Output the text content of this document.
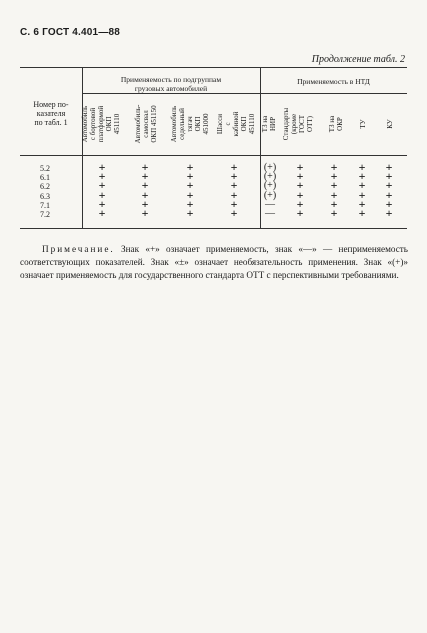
С. 6 ГОСТ 4.401—88
Продолжение табл. 2
Номер по-
казателя
по табл. 1
Применяемость по подгруппам
грузовых автомобилей
Применяемость в НТД
Автомобиль
с бортовой
платформой
ОКП 451110 Автомобиль-
самосвал
ОКП 451150 Автомобиль
седельный
тягач
ОКП 451000 Шасси с
кабиной
ОКП 451110 ТЗ на НИР Стандарты
(кроме ГОСТ
ОТТ) ТЗ на ОКР ТУ	КУ
5.2
6.1
6.2
6.3
7.1
7.2
+
+
+
+
+
+
+
+
+
+
+
+
+
+
+
+
+
+
+
+
+
+
+
+
(+)
(+)
(+)
(+)
—
—
+
+
+
+
+
+
+
+
+
+
+
+
+
+
+
+
+
+
+
+
+
+
+
+
Примечание. Знак «+» означает применяемость, знак «—» — неприменяемость соответствующих показателей. Знак «±» означает необязательность применения. Знак «(+)» означает применяемость для государственного стандарта ОТТ с перспективными требованиями.
